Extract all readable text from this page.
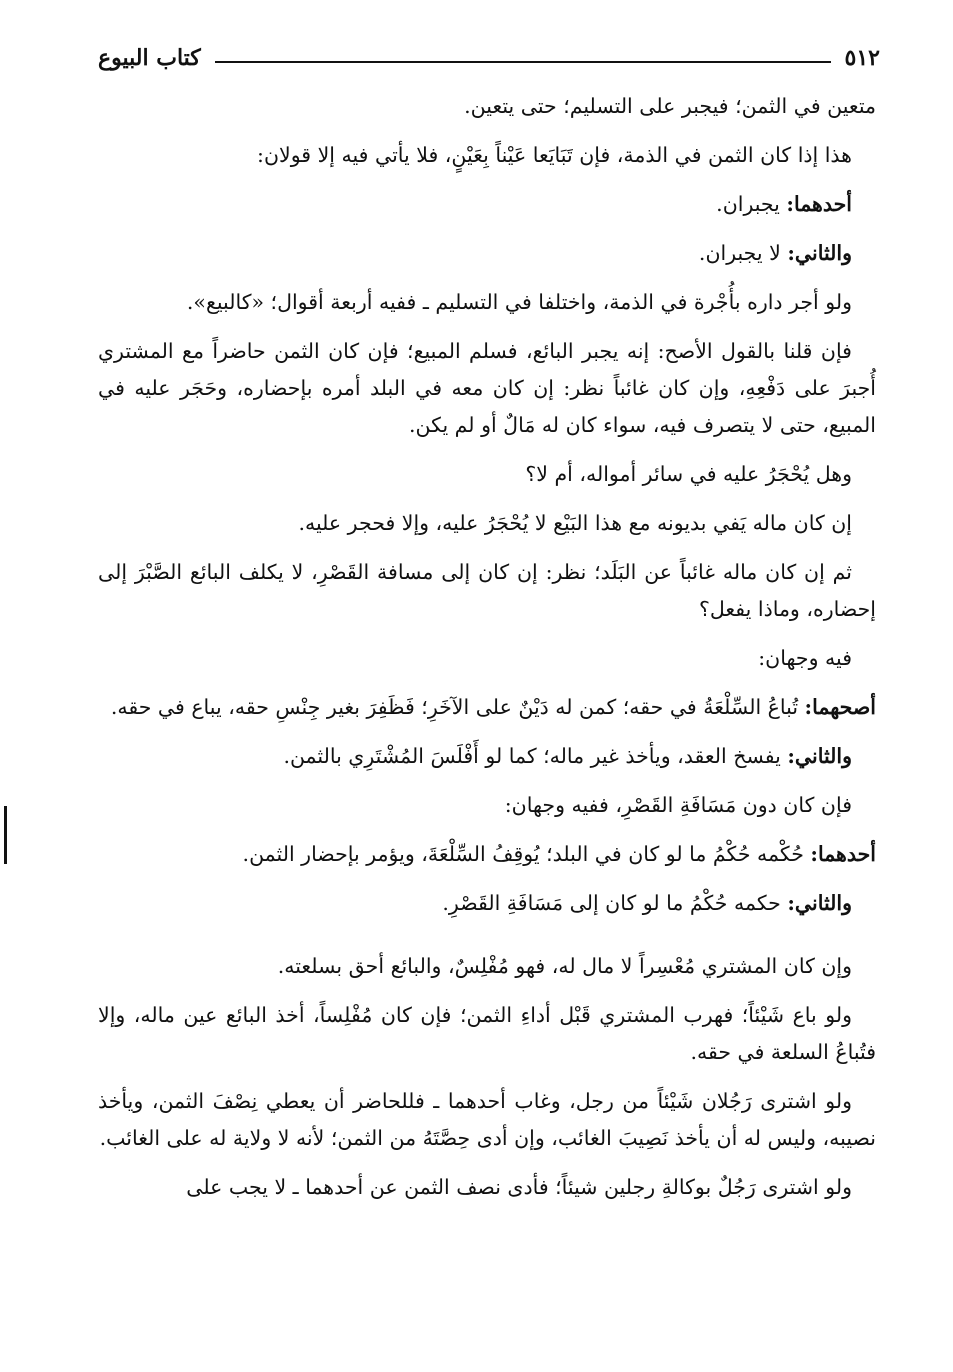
٥١٢
كتاب البيوع

متعين في الثمن؛ فيجبر على التسليم؛ حتى يتعين.

هذا إذا كان الثمن في الذمة، فإن تَبَايَعا عَيْناً بِعَيْنٍ، فلا يأتي فيه إلا قولان:

أحدهما: يجبران.

والثاني: لا يجبران.

ولو أجر داره بأُجْرة في الذمة، واختلفا في التسليم ـ ففيه أربعة أقوال؛ «كالبيع».

فإن قلنا بالقول الأصح: إنه يجبر البائع، فسلم المبيع؛ فإن كان الثمن حاضراً مع المشتري أُجبرَ على دَفْعِهِ، وإن كان غائباً نظر: إن كان معه في البلد أمره بإحضاره، وحَجَر عليه في المبيع، حتى لا يتصرف فيه، سواء كان له مَالٌ أو لم يكن.

وهل يُحْجَرُ عليه في سائر أمواله، أم لا؟

إن كان ماله يَفي بديونه مع هذا البَيْع لا يُحْجَرُ عليه، وإلا فحجر عليه.

ثم إن كان ماله غائباً عن البَلَد؛ نظر: إن كان إلى مسافة القَصْرِ، لا يكلف البائع الصَّبْرَ إلى إحضاره، وماذا يفعل؟

فيه وجهان:

أصحهما: تُباعُ السِّلْعَةُ في حقه؛ كمن له دَيْنٌ على الآخَرِ؛ فَظَفِرَ بغير جِنْسِ حقه، يباع في حقه.

والثاني: يفسخ العقد، ويأخذ غير ماله؛ كما لو أَفْلَسَ المُشْتَرِي بالثمن.

فإن كان دون مَسَافَةِ القَصْرِ، ففيه وجهان:

أحدهما: حُكْمه حُكْمُ ما لو كان في البلد؛ يُوقِفُ السِّلْعَةَ، ويؤمر بإحضار الثمن.

والثاني: حكمه حُكْمُ ما لو كان إلى مَسَافَةِ القَصْرِ.

وإن كان المشتري مُعْسِراً لا مال له، فهو مُفْلِسٌ، والبائع أحق بسلعته.

ولو باع شَيْئاً؛ فهرب المشتري قَبْل أداءِ الثمن؛ فإن كان مُفْلِساً، أخذ البائع عين ماله، وإلا فتُباعُ السلعة في حقه.

ولو اشترى رَجُلان شَيْئاً من رجل، وغاب أحدهما ـ فللحاضر أن يعطي نِصْفَ الثمن، ويأخذ نصيبه، وليس له أن يأخذ نَصِيبَ الغائب، وإن أدى حِصَّتَهُ من الثمن؛ لأنه لا ولاية له على الغائب.

ولو اشترى رَجُلٌ بوكالةِ رجلين شيئاً؛ فأدى نصف الثمن عن أحدهما ـ لا يجب على
